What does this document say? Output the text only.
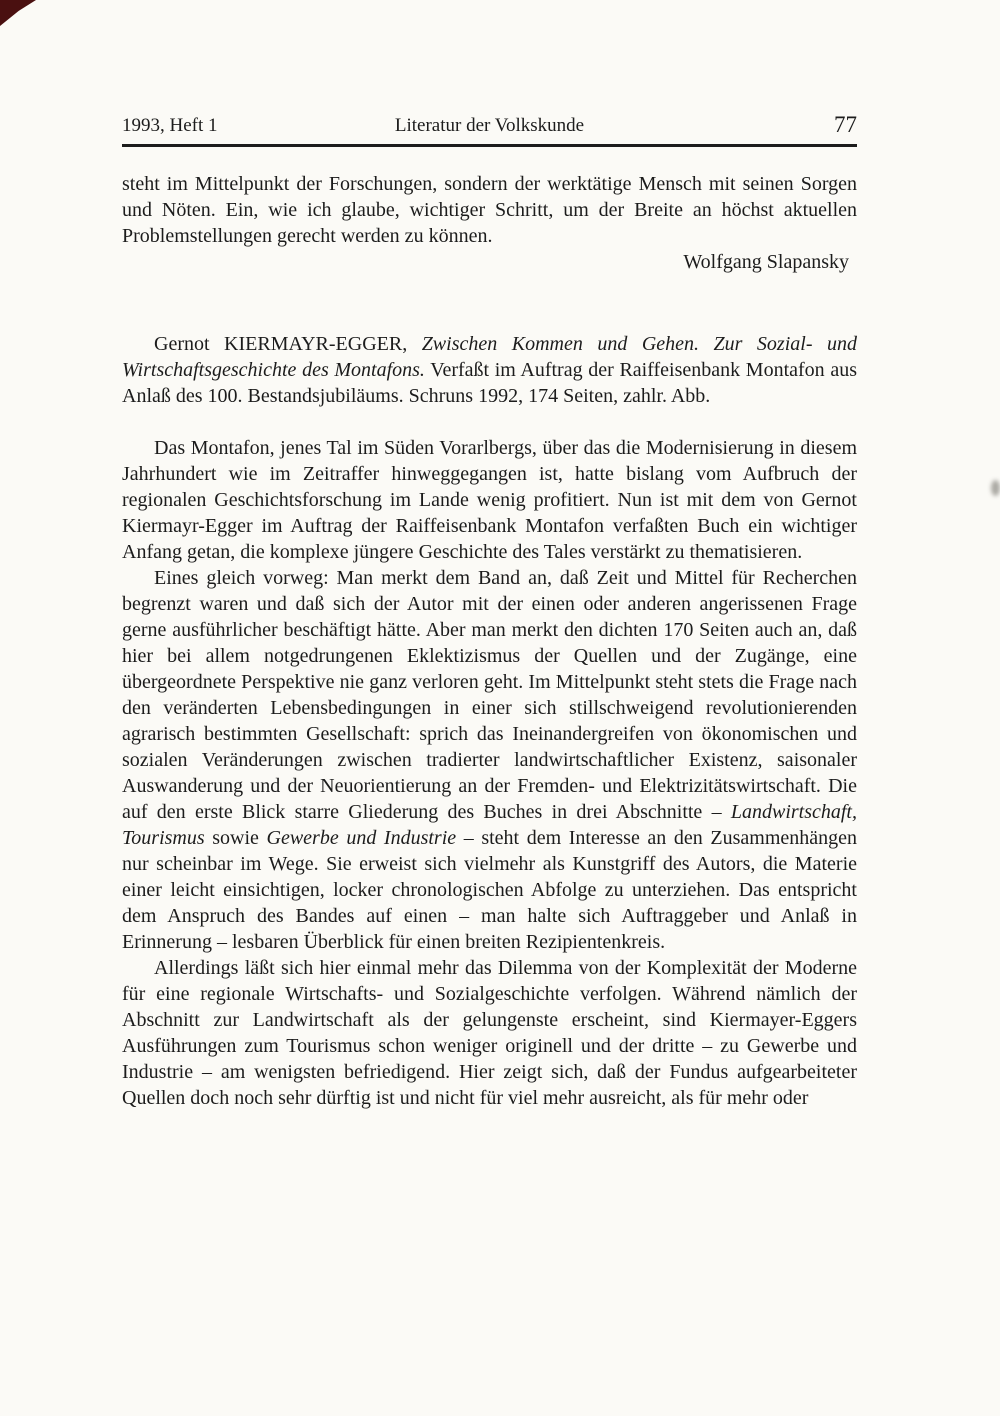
1993, Heft 1	Literatur der Volkskunde	77

steht im Mittelpunkt der Forschungen, sondern der werktätige Mensch mit seinen Sorgen und Nöten. Ein, wie ich glaube, wichtiger Schritt, um der Breite an höchst aktuellen Problemstellungen gerecht werden zu können.

Wolfgang Slapansky

Gernot KIERMAYR-EGGER, Zwischen Kommen und Gehen. Zur Sozial- und Wirtschaftsgeschichte des Montafons. Verfaßt im Auftrag der Raiffeisenbank Montafon aus Anlaß des 100. Bestandsjubiläums. Schruns 1992, 174 Seiten, zahlr. Abb.

Das Montafon, jenes Tal im Süden Vorarlbergs, über das die Modernisierung in diesem Jahrhundert wie im Zeitraffer hinweggegangen ist, hatte bislang vom Aufbruch der regionalen Geschichtsforschung im Lande wenig profitiert. Nun ist mit dem von Gernot Kiermayr-Egger im Auftrag der Raiffeisenbank Montafon verfaßten Buch ein wichtiger Anfang getan, die komplexe jüngere Geschichte des Tales verstärkt zu thematisieren.

Eines gleich vorweg: Man merkt dem Band an, daß Zeit und Mittel für Recherchen begrenzt waren und daß sich der Autor mit der einen oder anderen angerissenen Frage gerne ausführlicher beschäftigt hätte. Aber man merkt den dichten 170 Seiten auch an, daß hier bei allem notgedrungenen Eklektizismus der Quellen und der Zugänge, eine übergeordnete Perspektive nie ganz verloren geht. Im Mittelpunkt steht stets die Frage nach den veränderten Lebensbedingungen in einer sich stillschweigend revolutionierenden agrarisch bestimmten Gesellschaft: sprich das Ineinandergreifen von ökonomischen und sozialen Veränderungen zwischen tradierter landwirtschaftlicher Existenz, saisonaler Auswanderung und der Neuorientierung an der Fremden- und Elektrizitätswirtschaft. Die auf den erste Blick starre Gliederung des Buches in drei Abschnitte – Landwirtschaft, Tourismus sowie Gewerbe und Industrie – steht dem Interesse an den Zusammenhängen nur scheinbar im Wege. Sie erweist sich vielmehr als Kunstgriff des Autors, die Materie einer leicht einsichtigen, locker chronologischen Abfolge zu unterziehen. Das entspricht dem Anspruch des Bandes auf einen – man halte sich Auftraggeber und Anlaß in Erinnerung – lesbaren Überblick für einen breiten Rezipientenkreis.

Allerdings läßt sich hier einmal mehr das Dilemma von der Komplexität der Moderne für eine regionale Wirtschafts- und Sozialgeschichte verfolgen. Während nämlich der Abschnitt zur Landwirtschaft als der gelungenste erscheint, sind Kiermayer-Eggers Ausführungen zum Tourismus schon weniger originell und der dritte – zu Gewerbe und Industrie – am wenigsten befriedigend. Hier zeigt sich, daß der Fundus aufgearbeiteter Quellen doch noch sehr dürftig ist und nicht für viel mehr ausreicht, als für mehr oder
